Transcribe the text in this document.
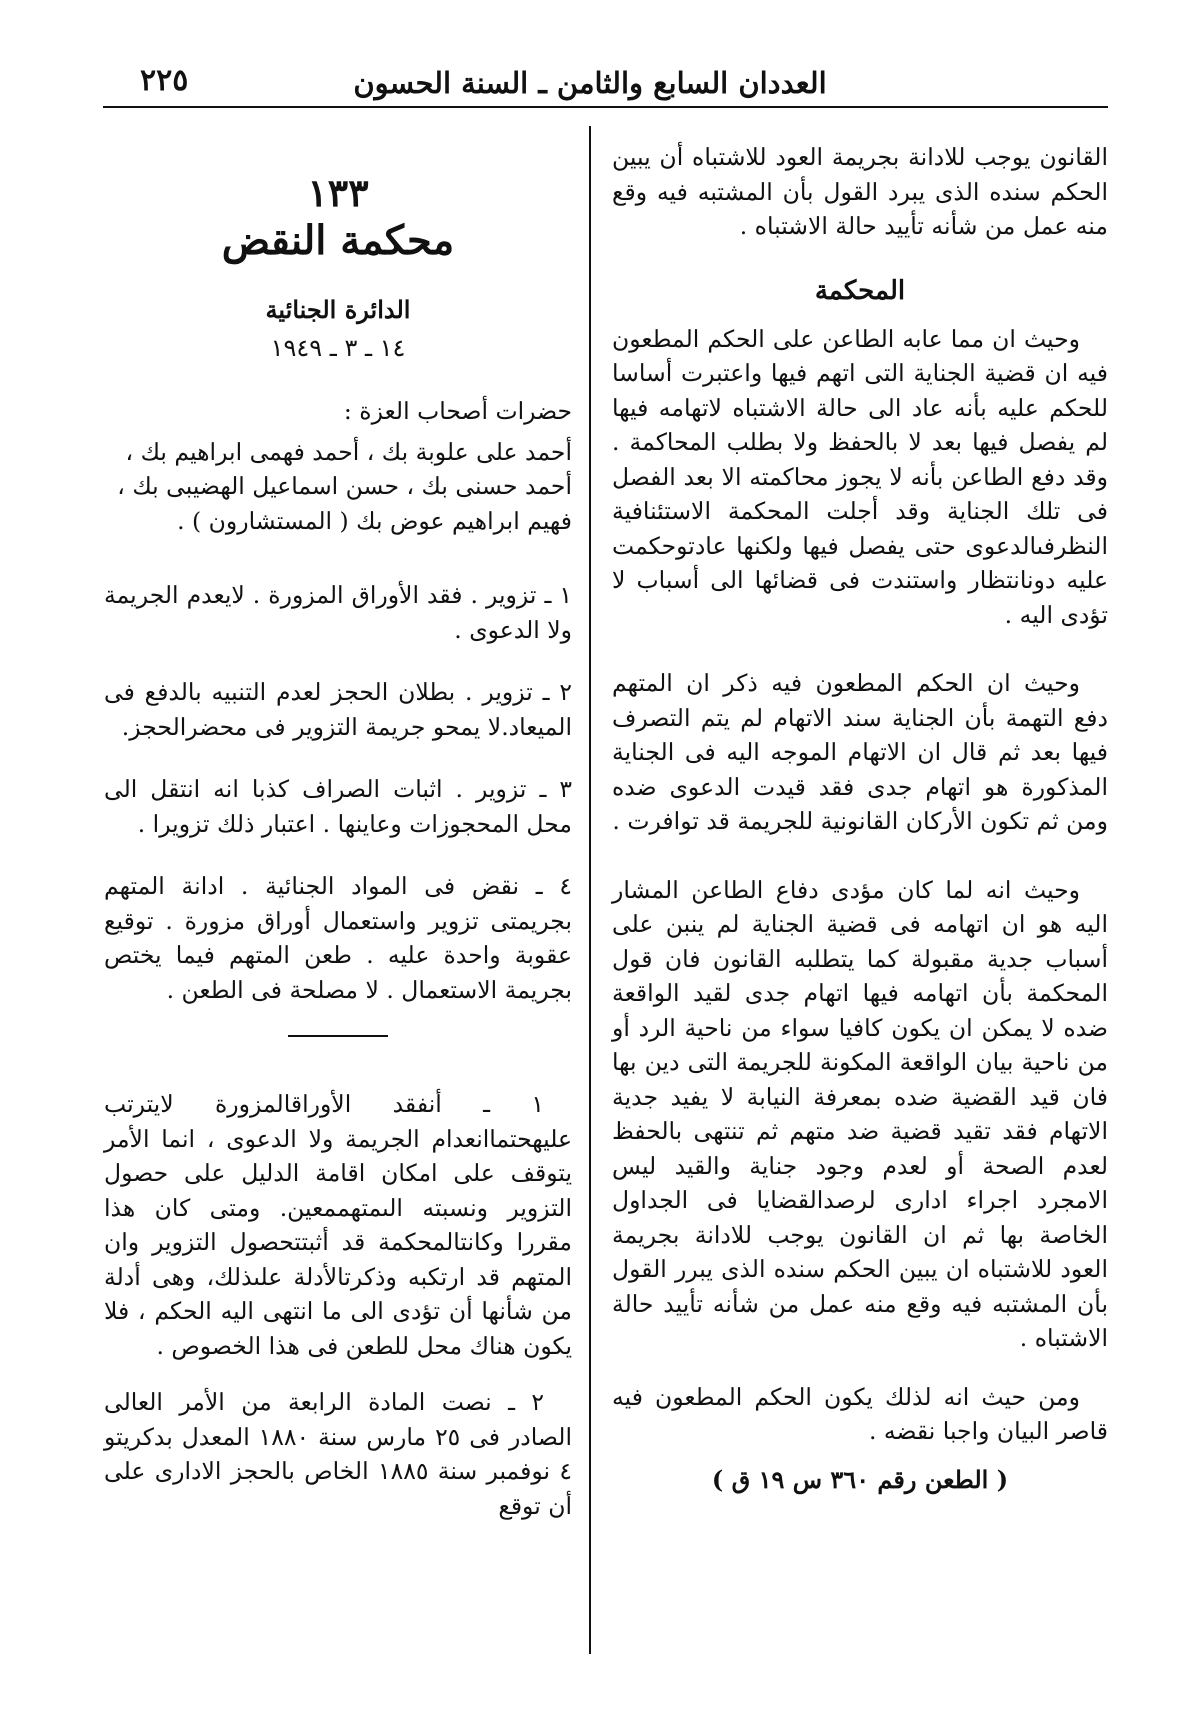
العددان السابع والثامن ـ السنة الحسون
٢٢٥

القانون يوجب للادانة بجريمة العود للاشتباه أن يبين الحكم سنده الذى يبرد القول بأن المشتبه فيه وقع منه عمل من شأنه تأييد حالة الاشتباه .

المحكمة

وحيث ان مما عابه الطاعن على الحكم المطعون فيه ان قضية الجناية التى اتهم فيها واعتبرت أساسا للحكم عليه بأنه عاد الى حالة الاشتباه لاتهامه فيها لم يفصل فيها بعد لا بالحفظ ولا بطلب المحاكمة . وقد دفع الطاعن بأنه لا يجوز محاكمته الا بعد الفصل فى تلك الجناية وقد أجلت المحكمة الاستئنافية النظرفىالدعوى حتى يفصل فيها ولكنها عادتوحكمت عليه دونانتظار واستندت فى قضائها الى أسباب لا تؤدى اليه .

وحيث ان الحكم المطعون فيه ذكر ان المتهم دفع التهمة بأن الجناية سند الاتهام لم يتم التصرف فيها بعد ثم قال ان الاتهام الموجه اليه فى الجناية المذكورة هو اتهام جدى فقد قيدت الدعوى ضده ومن ثم تكون الأركان القانونية للجريمة قد توافرت .

وحيث انه لما كان مؤدى دفاع الطاعن المشار اليه هو ان اتهامه فى قضية الجناية لم ينبن على أسباب جدية مقبولة كما يتطلبه القانون فان قول المحكمة بأن اتهامه فيها اتهام جدى لقيد الواقعة ضده لا يمكن ان يكون كافيا سواء من ناحية الرد أو من ناحية بيان الواقعة المكونة للجريمة التى دين بها فان قيد القضية ضده بمعرفة النيابة لا يفيد جدية الاتهام فقد تقيد قضية ضد متهم ثم تنتهى بالحفظ لعدم الصحة أو لعدم وجود جناية والقيد ليس الامجرد اجراء ادارى لرصدالقضايا فى الجداول الخاصة بها ثم ان القانون يوجب للادانة بجريمة العود للاشتباه ان يبين الحكم سنده الذى يبرر القول بأن المشتبه فيه وقع منه عمل من شأنه تأييد حالة الاشتباه .

ومن حيث انه لذلك يكون الحكم المطعون فيه قاصر البيان واجبا نقضه .

( الطعن رقم ٣٦٠ س ١٩ ق )

١٣٣

محكمة النقض

الدائرة الجنائية

١٤ ـ ٣ ـ ١٩٤٩

حضرات أصحاب العزة :

أحمد على علوبة بك ، أحمد فهمى ابراهيم بك ،

أحمد حسنى بك ، حسن اسماعيل الهضيبى بك ،

فهيم ابراهيم عوض بك ( المستشارون ) .

١ ـ تزوير . فقد الأوراق المزورة . لايعدم الجريمة ولا الدعوى .

٢ ـ تزوير . بطلان الحجز لعدم التنبيه بالدفع فى الميعاد.لا يمحو جريمة التزوير فى محضرالحجز.

٣ ـ تزوير . اثبات الصراف كذبا انه انتقل الى محل المحجوزات وعاينها . اعتبار ذلك تزويرا .

٤ ـ نقض فى المواد الجنائية . ادانة المتهم بجريمتى تزوير واستعمال أوراق مزورة . توقيع عقوبة واحدة عليه . طعن المتهم فيما يختص بجريمة الاستعمال . لا مصلحة فى الطعن .

١ ـ أنفقد الأوراقالمزورة لايترتب عليهحتماانعدام الجريمة ولا الدعوى ، انما الأمر يتوقف على امكان اقامة الدليل على حصول التزوير ونسبته الىمتهممعين. ومتى كان هذا مقررا وكانتالمحكمة قد أثبتتحصول التزوير وان المتهم قد ارتكبه وذكرتالأدلة علىذلك، وهى أدلة من شأنها أن تؤدى الى ما انتهى اليه الحكم ، فلا يكون هناك محل للطعن فى هذا الخصوص .

٢ ـ نصت المادة الرابعة من الأمر العالى الصادر فى ٢٥ مارس سنة ١٨٨٠ المعدل بدكريتو ٤ نوفمبر سنة ١٨٨٥ الخاص بالحجز الادارى على أن توقع
